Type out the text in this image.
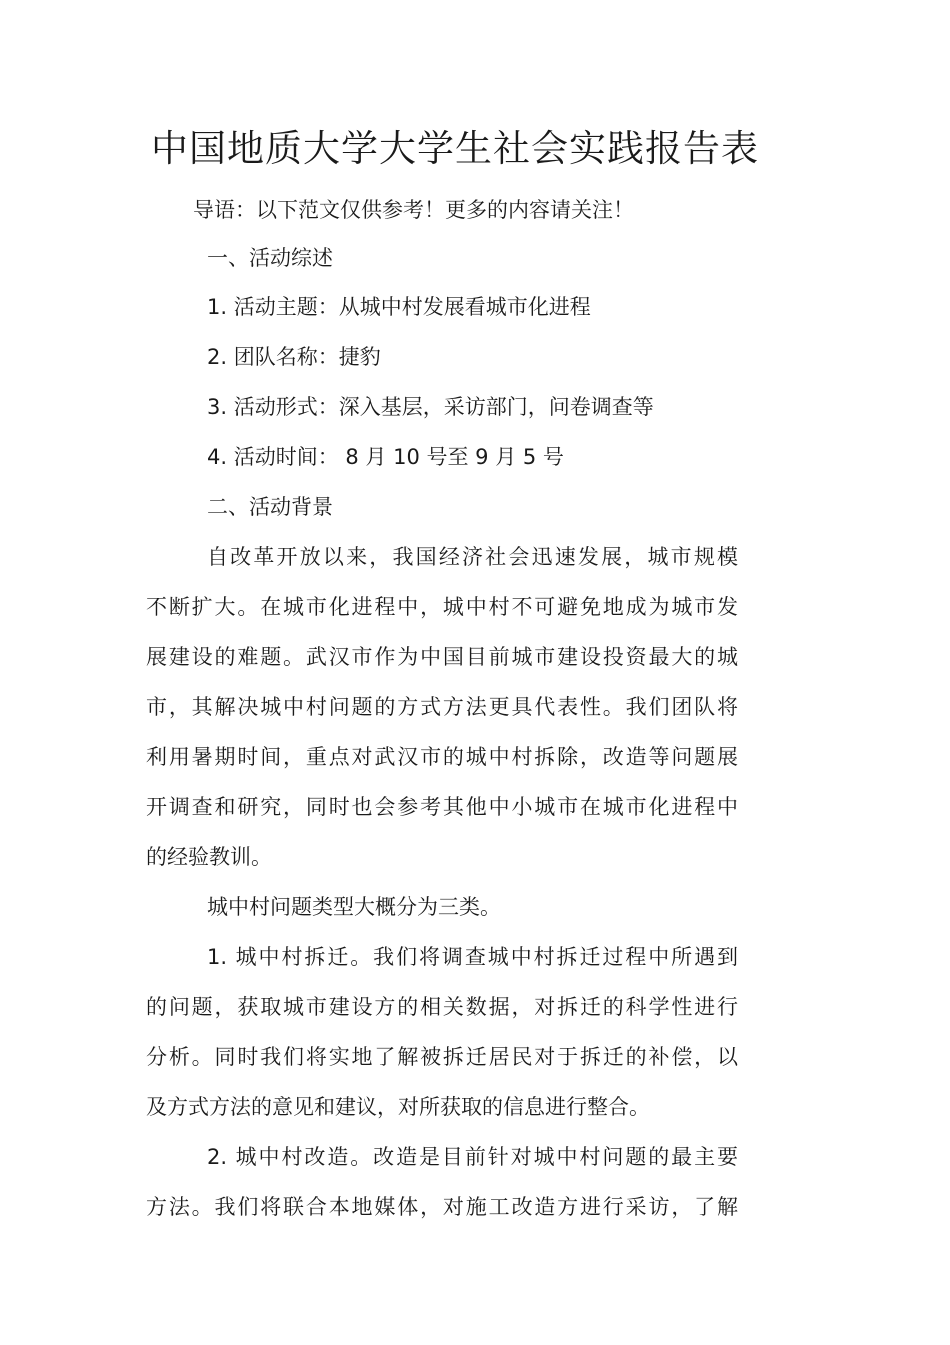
中国地质大学大学生社会实践报告表
导语：以下范文仅供参考！更多的内容请关注！
一、活动综述
1. 活动主题：从城中村发展看城市化进程
2. 团队名称：捷豹
3. 活动形式：深入基层，采访部门，问卷调查等
4. 活动时间： 8 月 10 号至 9 月 5 号
二、活动背景
自改革开放以来，我国经济社会迅速发展，城市规模
不断扩大。在城市化进程中，城中村不可避免地成为城市发
展建设的难题。武汉市作为中国目前城市建设投资最大的城
市，其解决城中村问题的方式方法更具代表性。我们团队将
利用暑期时间，重点对武汉市的城中村拆除，改造等问题展
开调查和研究，同时也会参考其他中小城市在城市化进程中
的经验教训。
城中村问题类型大概分为三类。
1. 城中村拆迁。我们将调查城中村拆迁过程中所遇到
的问题，获取城市建设方的相关数据，对拆迁的科学性进行
分析。同时我们将实地了解被拆迁居民对于拆迁的补偿，以
及方式方法的意见和建议，对所获取的信息进行整合。
2. 城中村改造。改造是目前针对城中村问题的最主要
方法。我们将联合本地媒体，对施工改造方进行采访，了解
